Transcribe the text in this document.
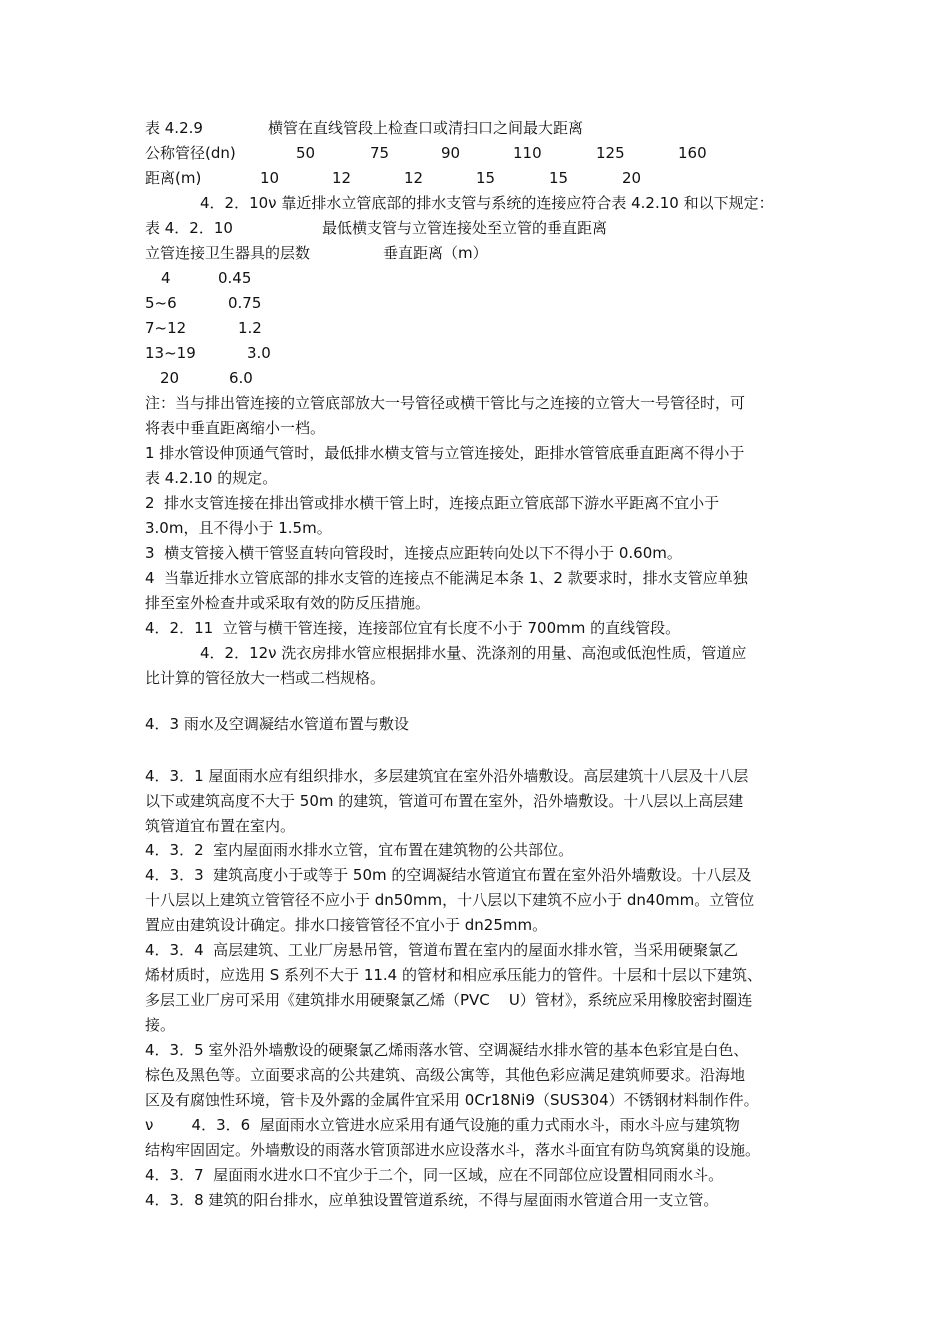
表 4.2.9	横管在直线管段上检查口或清扫口之间最大距离
公称管径(dn)	50	75	90	110	125	160
距离(m)	10	12	12	15	15	20
4．2．10ν 靠近排水立管底部的排水支管与系统的连接应符合表 4.2.10 和以下规定：
表 4．2．10	最低横支管与立管连接处至立管的垂直距离
立管连接卫生器具的层数	垂直距离（m）
4	0.45
5~6	0.75
7~12	1.2
13~19	3.0
20	6.0
注：当与排出管连接的立管底部放大一号管径或横干管比与之连接的立管大一号管径时，可
将表中垂直距离缩小一档。
1 排水管设伸顶通气管时，最低排水横支管与立管连接处，距排水管管底垂直距离不得小于
表 4.2.10 的规定。
2  排水支管连接在排出管或排水横干管上时，连接点距立管底部下游水平距离不宜小于
3.0m，且不得小于 1.5m。
3  横支管接入横干管竖直转向管段时，连接点应距转向处以下不得小于 0.60m。
4  当靠近排水立管底部的排水支管的连接点不能满足本条 1、2 款要求时，排水支管应单独
排至室外检查井或采取有效的防反压措施。
4．2．11  立管与横干管连接，连接部位宜有长度不小于 700mm 的直线管段。
4．2．12ν 洗衣房排水管应根据排水量、洗涤剂的用量、高泡或低泡性质，管道应
比计算的管径放大一档或二档规格。
4．3 雨水及空调凝结水管道布置与敷设
4．3．1 屋面雨水应有组织排水，多层建筑宜在室外沿外墙敷设。高层建筑十八层及十八层
以下或建筑高度不大于 50m 的建筑，管道可布置在室外，沿外墙敷设。十八层以上高层建
筑管道宜布置在室内。
4．3．2  室内屋面雨水排水立管，宜布置在建筑物的公共部位。
4．3．3  建筑高度小于或等于 50m 的空调凝结水管道宜布置在室外沿外墙敷设。十八层及
十八层以上建筑立管管径不应小于 dn50mm，十八层以下建筑不应小于 dn40mm。立管位
置应由建筑设计确定。排水口接管管径不宜小于 dn25mm。
4．3．4  高层建筑、工业厂房悬吊管，管道布置在室内的屋面水排水管，当采用硬聚氯乙
烯材质时，应选用 S 系列不大于 11.4 的管材和相应承压能力的管件。十层和十层以下建筑、
多层工业厂房可采用《建筑排水用硬聚氯乙烯（PVC    U）管材》，系统应采用橡胶密封圈连
接。
4．3．5 室外沿外墙敷设的硬聚氯乙烯雨落水管、空调凝结水排水管的基本色彩宜是白色、
棕色及黑色等。立面要求高的公共建筑、高级公寓等，其他色彩应满足建筑师要求。沿海地
区及有腐蚀性环境，管卡及外露的金属件宜采用 0Cr18Ni9（SUS304）不锈钢材料制作件。
ν        4．3．6  屋面雨水立管进水应采用有通气设施的重力式雨水斗，雨水斗应与建筑物
结构牢固固定。外墙敷设的雨落水管顶部进水应设落水斗，落水斗面宜有防鸟筑窝巢的设施。
4．3．7  屋面雨水进水口不宜少于二个，同一区域，应在不同部位应设置相同雨水斗。
4．3．8 建筑的阳台排水，应单独设置管道系统，不得与屋面雨水管道合用一支立管。
